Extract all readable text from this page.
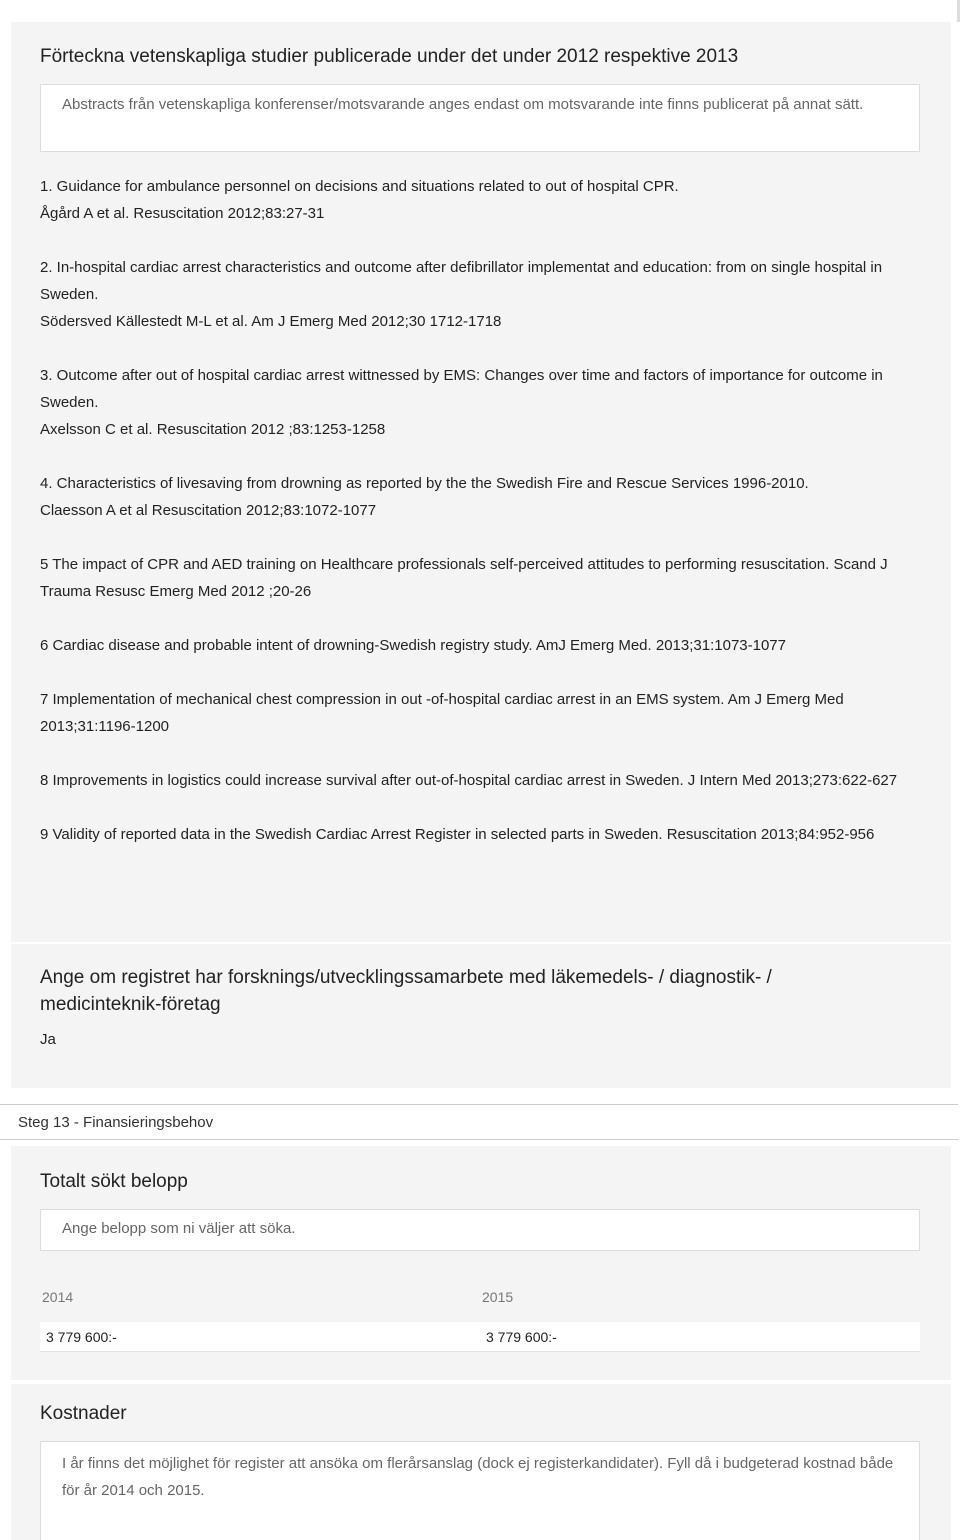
Förteckna vetenskapliga studier publicerade under det under 2012 respektive 2013
Abstracts från vetenskapliga konferenser/motsvarande anges endast om motsvarande inte finns publicerat på annat sätt.

1. Guidance for ambulance personnel on decisions and situations related to out of hospital CPR.
Ågård A et al. Resuscitation 2012;83:27-31

2. In-hospital cardiac arrest characteristics and outcome after defibrillator implementat and education: from on single hospital in Sweden.
Södersved Källestedt M-L et al. Am J Emerg Med 2012;30 1712-1718

3. Outcome after out of hospital cardiac arrest wittnessed by EMS: Changes over time and factors of importance for outcome in Sweden.
Axelsson C et al. Resuscitation 2012 ;83:1253-1258

4. Characteristics of livesaving from drowning as reported by the the Swedish Fire and Rescue Services 1996-2010.
Claesson A et al Resuscitation 2012;83:1072-1077

5 The impact of CPR and AED training on Healthcare professionals self-perceived attitudes to performing resuscitation. Scand J Trauma Resusc Emerg Med 2012 ;20-26

6 Cardiac disease and probable intent of drowning-Swedish registry study. AmJ Emerg Med. 2013;31:1073-1077

7 Implementation of mechanical chest compression in out -of-hospital cardiac arrest in an EMS system. Am J Emerg Med 2013;31:1196-1200

8 Improvements in logistics could increase survival after out-of-hospital cardiac arrest in Sweden. J Intern Med 2013;273:622-627

9 Validity of reported data in the Swedish Cardiac Arrest Register in selected parts in Sweden. Resuscitation 2013;84:952-956

Ange om registret har forsknings/utvecklingssamarbete med läkemedels- / diagnostik- / medicinteknik-företag
Ja
Steg 13 - Finansieringsbehov
Totalt sökt belopp
Ange belopp som ni väljer att söka.
2014	2015
3 779 600:-	3 779 600:-
Kostnader
I år finns det möjlighet för register att ansöka om flerårsanslag (dock ej registerkandidater). Fyll då i budgeterad kostnad både för år 2014 och 2015.
